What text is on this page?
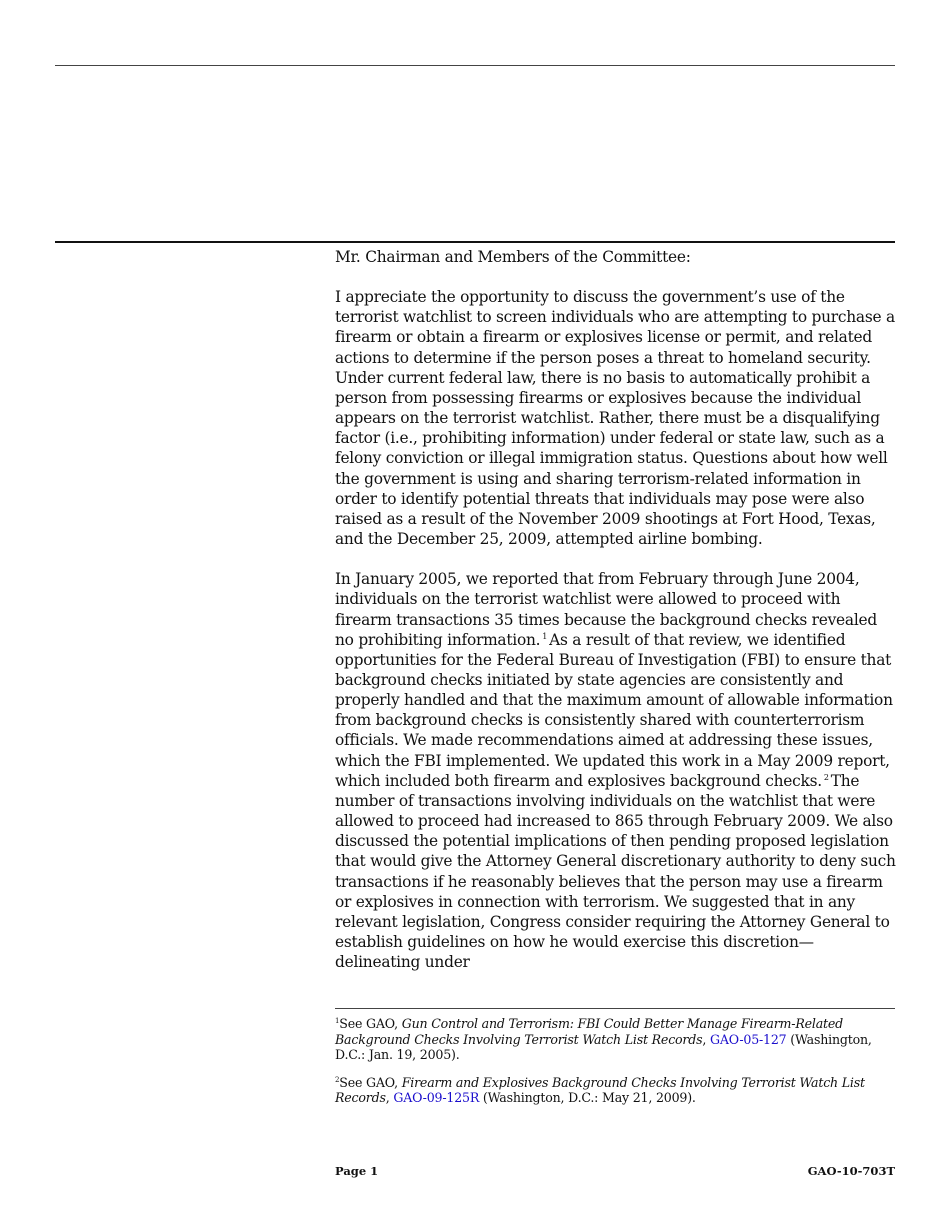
Mr. Chairman and Members of the Committee:

I appreciate the opportunity to discuss the government’s use of the terrorist watchlist to screen individuals who are attempting to purchase a firearm or obtain a firearm or explosives license or permit, and related actions to determine if the person poses a threat to homeland security. Under current federal law, there is no basis to automatically prohibit a person from possessing firearms or explosives because the individual appears on the terrorist watchlist. Rather, there must be a disqualifying factor (i.e., prohibiting information) under federal or state law, such as a felony conviction or illegal immigration status. Questions about how well the government is using and sharing terrorism-related information in order to identify potential threats that individuals may pose were also raised as a result of the November 2009 shootings at Fort Hood, Texas, and the December 25, 2009, attempted airline bombing.

In January 2005, we reported that from February through June 2004, individuals on the terrorist watchlist were allowed to proceed with firearm transactions 35 times because the background checks revealed no prohibiting information. $^1$ As a result of that review, we identified opportunities for the Federal Bureau of Investigation (FBI) to ensure that background checks initiated by state agencies are consistently and properly handled and that the maximum amount of allowable information from background checks is consistently shared with counterterrorism officials. We made recommendations aimed at addressing these issues, which the FBI implemented. We updated this work in a May 2009 report, which included both firearm and explosives background checks. $^2$ The number of transactions involving individuals on the watchlist that were allowed to proceed had increased to 865 through February 2009. We also discussed the potential implications of then pending proposed legislation that would give the Attorney General discretionary authority to deny such transactions if he reasonably believes that the person may use a firearm or explosives in connection with terrorism. We suggested that in any relevant legislation, Congress consider requiring the Attorney General to establish guidelines on how he would exercise this discretion—delineating under

$^1$See GAO, Gun Control and Terrorism: FBI Could Better Manage Firearm-Related Background Checks Involving Terrorist Watch List Records, GAO-05-127 (Washington, D.C.: Jan. 19, 2005).

$^2$See GAO, Firearm and Explosives Background Checks Involving Terrorist Watch List Records, GAO-09-125R (Washington, D.C.: May 21, 2009).

Page 1	GAO-10-703T
